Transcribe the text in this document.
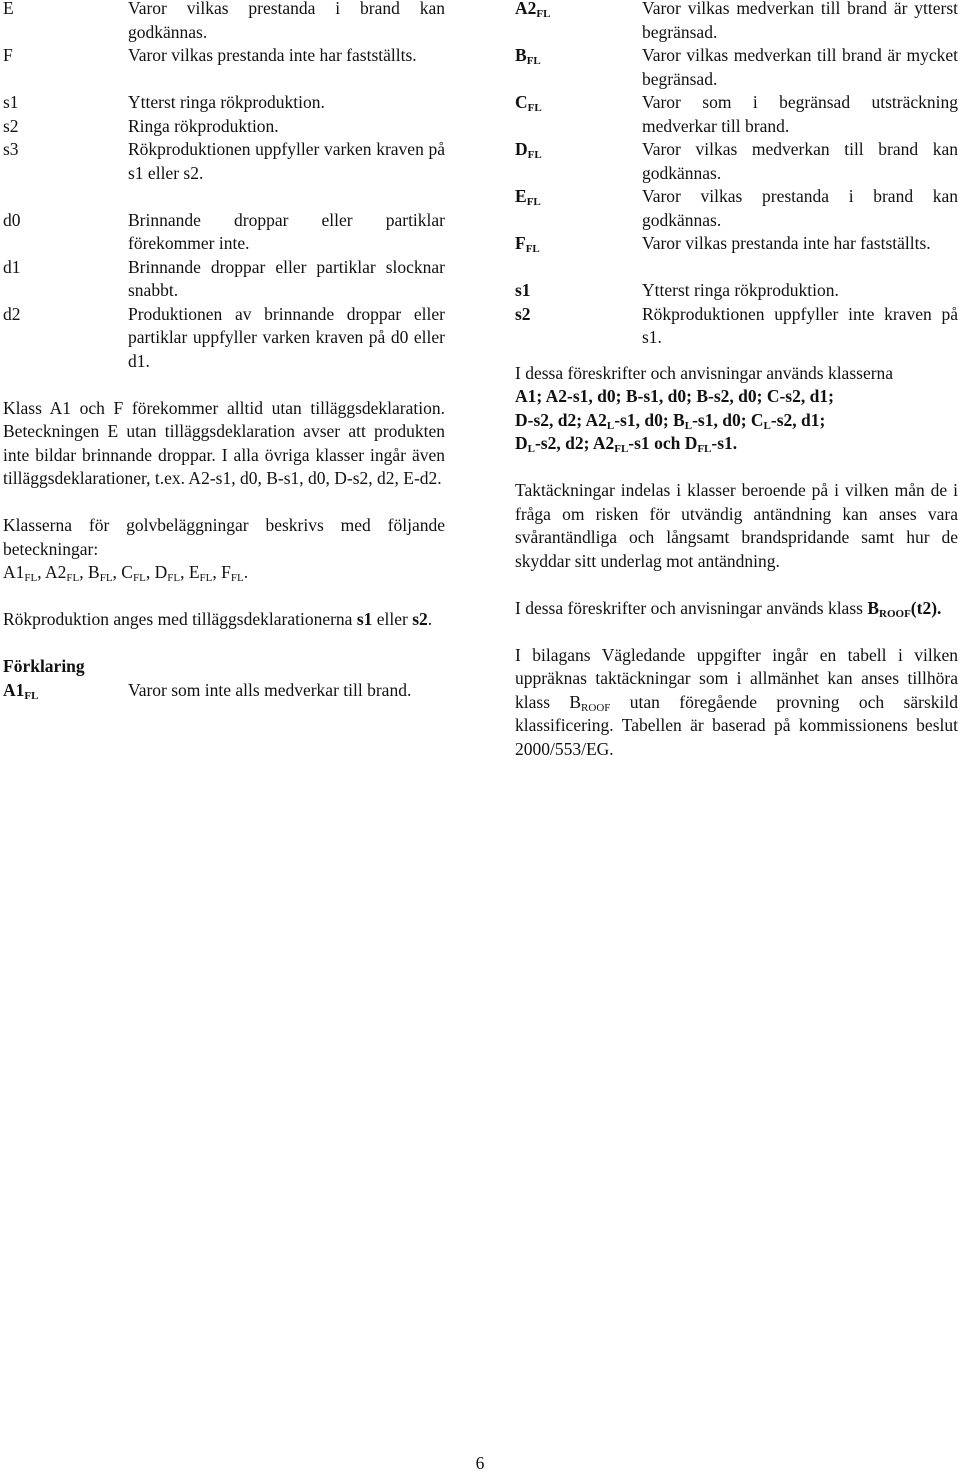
E	Varor vilkas prestanda i brand kan godkännas.
F	Varor vilkas prestanda inte har fastställts.
s1	Ytterst ringa rökproduktion.
s2	Ringa rökproduktion.
s3	Rökproduktionen uppfyller varken kraven på s1 eller s2.
d0	Brinnande droppar eller partiklar förekommer inte.
d1	Brinnande droppar eller partiklar slocknar snabbt.
d2	Produktionen av brinnande droppar eller partiklar uppfyller varken kraven på d0 eller d1.
Klass A1 och F förekommer alltid utan tilläggsdeklaration. Beteckningen E utan tilläggsdeklaration avser att produkten inte bildar brinnande droppar. I alla övriga klasser ingår även tilläggsdeklarationer, t.ex. A2-s1, d0, B-s1, d0, D-s2, d2, E-d2.
Klasserna för golvbeläggningar beskrivs med följande beteckningar:
$A1_{FL}$, $A2_{FL}$, $B_{FL}$, $C_{FL}$, $D_{FL}$, $E_{FL}$, $F_{FL}$.
Rökproduktion anges med tilläggsdeklarationerna s1 eller s2.
Förklaring
$A1_{FL}$	Varor som inte alls medverkar till brand.
$A2_{FL}$	Varor vilkas medverkan till brand är ytterst begränsad.
$B_{FL}$	Varor vilkas medverkan till brand är mycket begränsad.
$C_{FL}$	Varor som i begränsad utsträckning medverkar till brand.
$D_{FL}$	Varor vilkas medverkan till brand kan godkännas.
$E_{FL}$	Varor vilkas prestanda i brand kan godkännas.
$F_{FL}$	Varor vilkas prestanda inte har fastställts.
s1	Ytterst ringa rökproduktion.
s2	Rökproduktionen uppfyller inte kraven på s1.
I dessa föreskrifter och anvisningar används klasserna
A1; A2-s1, d0; B-s1, d0; B-s2, d0; C-s2, d1;
D-s2, d2; $A2_L-s1$, d0; $B_L-s1$, d0; $C_L-s2$, d1;
$D_L-s2$, d2; $A2_{FL}-s1$ och $D_{FL}-s1$.
Taktäckningar indelas i klasser beroende på i vilken mån de i fråga om risken för utvändig antändning kan anses vara svårantändliga och långsamt brandspridande samt hur de skyddar sitt underlag mot antändning.
I dessa föreskrifter och anvisningar används klass $B_{ROOF}(t2)$.
I bilagans Vägledande uppgifter ingår en tabell i vilken uppräknas taktäckningar som i allmänhet kan anses tillhöra klass $B_{ROOF}$ utan föregående provning och särskild klassificering. Tabellen är baserad på kommissionens beslut 2000/553/EG.
6
